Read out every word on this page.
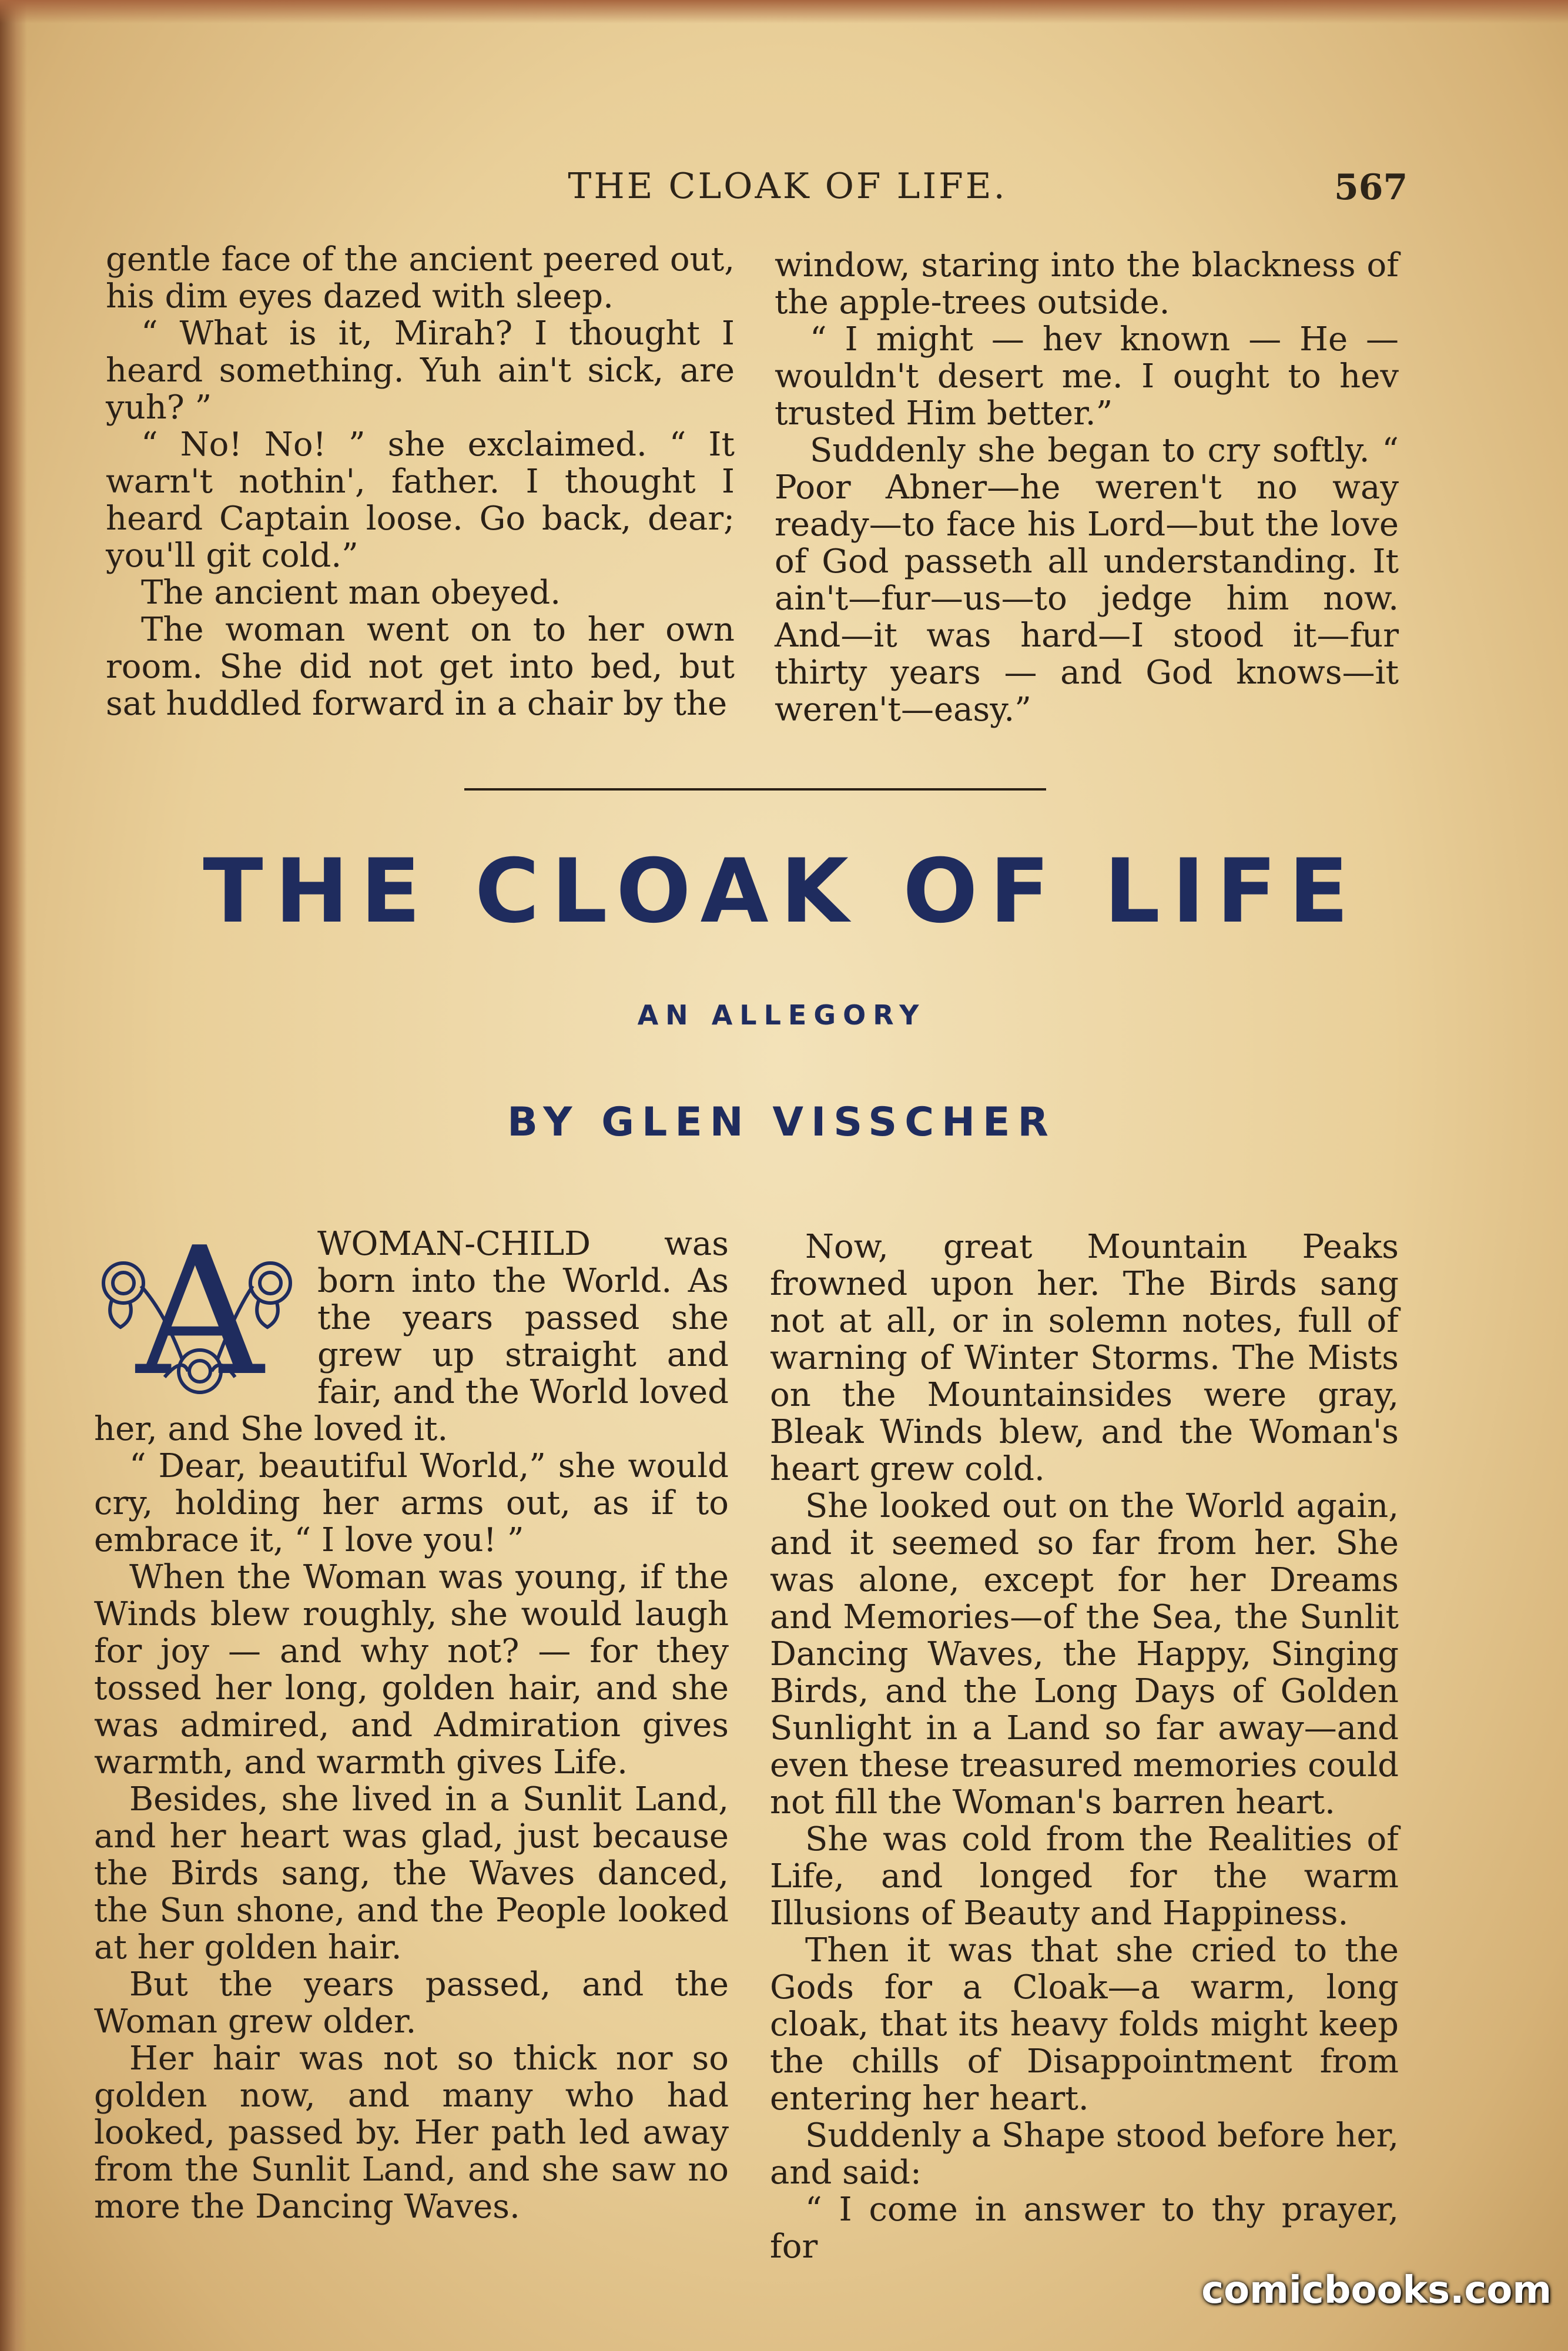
THE CLOAK OF LIFE.	567

gentle face of the ancient peered out, his dim eyes dazed with sleep.

“ What is it, Mirah? I thought I heard something. Yuh ain't sick, are yuh? ”

“ No! No! ” she exclaimed. “ It warn't nothin', father. I thought I heard Captain loose. Go back, dear; you'll git cold.”

The ancient man obeyed.

The woman went on to her own room. She did not get into bed, but sat huddled forward in a chair by the

window, staring into the blackness of the apple-trees outside.

“ I might — hev known — He — wouldn't desert me. I ought to hev trusted Him better.”

Suddenly she began to cry softly. “ Poor Abner—he weren't no way ready—to face his Lord—but the love of God passeth all understanding. It ain't—fur—us—to jedge him now. And—it was hard—I stood it—fur thirty years — and God knows—it weren't—easy.”

THE CLOAK OF LIFE
AN ALLEGORY
BY GLEN VISSCHER
A	WOMAN-CHILD was born into the World. As the years passed she grew up straight and fair, and the World loved her, and She loved it.

“ Dear, beautiful World,” she would cry, holding her arms out, as if to embrace it, “ I love you! ”

When the Woman was young, if the Winds blew roughly, she would laugh for joy — and why not? — for they tossed her long, golden hair, and she was admired, and Admiration gives warmth, and warmth gives Life.

Besides, she lived in a Sunlit Land, and her heart was glad, just because the Birds sang, the Waves danced, the Sun shone, and the People looked at her golden hair.

But the years passed, and the Woman grew older.

Her hair was not so thick nor so golden now, and many who had looked, passed by. Her path led away from the Sunlit Land, and she saw no more the Dancing Waves.

Now, great Mountain Peaks frowned upon her. The Birds sang not at all, or in solemn notes, full of warning of Winter Storms. The Mists on the Mountainsides were gray, Bleak Winds blew, and the Woman's heart grew cold.

She looked out on the World again, and it seemed so far from her. She was alone, except for her Dreams and Memories—of the Sea, the Sunlit Dancing Waves, the Happy, Singing Birds, and the Long Days of Golden Sunlight in a Land so far away—and even these treasured memories could not fill the Woman's barren heart.

She was cold from the Realities of Life, and longed for the warm Illusions of Beauty and Happiness.

Then it was that she cried to the Gods for a Cloak—a warm, long cloak, that its heavy folds might keep the chills of Disappointment from entering her heart.

Suddenly a Shape stood before her, and said:

“ I come in answer to thy prayer, for

comicbooks.com
